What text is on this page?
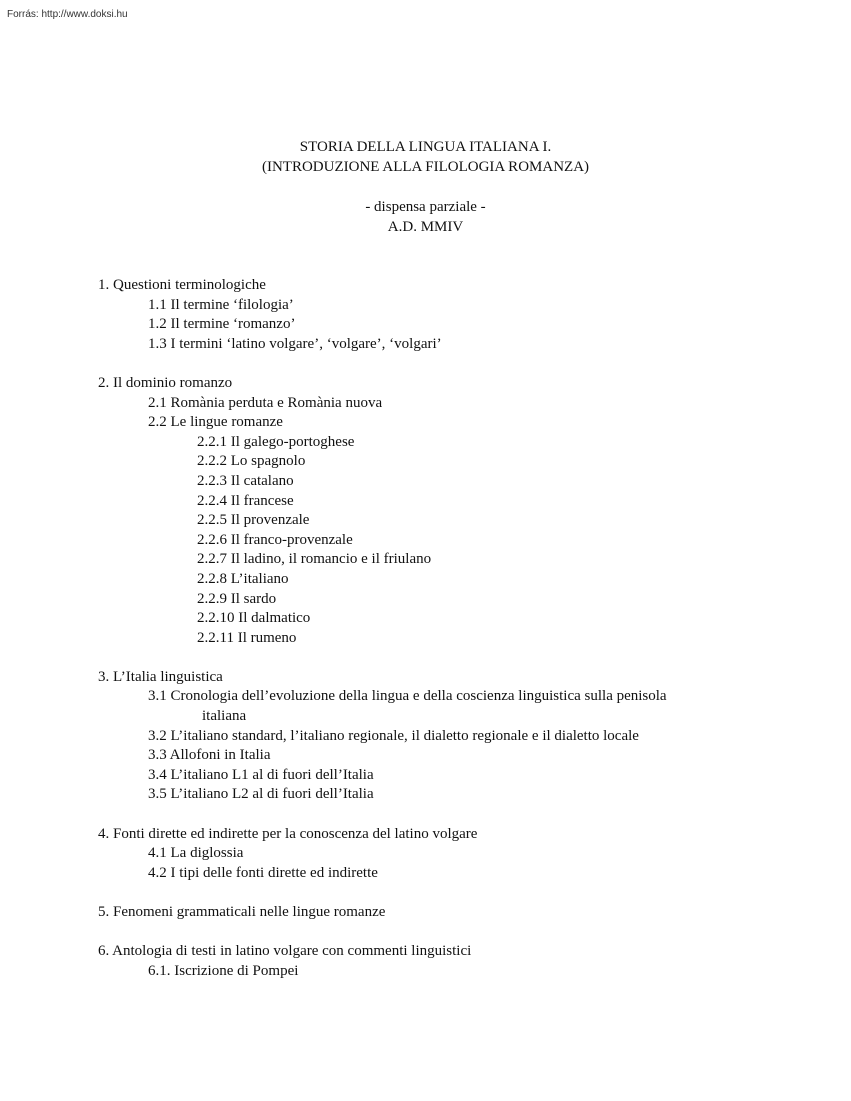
Forrás: http://www.doksi.hu
STORIA DELLA LINGUA ITALIANA I.
(INTRODUZIONE ALLA FILOLOGIA ROMANZA)
- dispensa parziale -
A.D. MMIV
1. Questioni terminologiche
1.1 Il termine ‘filologia’
1.2 Il termine ‘romanzo’
1.3 I termini ‘latino volgare’, ‘volgare’, ‘volgari’
2. Il dominio romanzo
2.1 Romània perduta e Romània nuova
2.2 Le lingue romanze
2.2.1 Il galego-portoghese
2.2.2 Lo spagnolo
2.2.3 Il catalano
2.2.4 Il francese
2.2.5 Il provenzale
2.2.6 Il franco-provenzale
2.2.7 Il ladino, il romancio e il friulano
2.2.8 L’italiano
2.2.9 Il sardo
2.2.10 Il dalmatico
2.2.11 Il rumeno
3. L’Italia linguistica
3.1 Cronologia dell’evoluzione della lingua e della coscienza linguistica sulla penisola
italiana
3.2 L’italiano standard, l’italiano regionale, il dialetto regionale e il dialetto locale
3.3 Allofoni in Italia
3.4 L’italiano L1 al di fuori dell’Italia
3.5 L’italiano L2 al di fuori dell’Italia
4. Fonti dirette ed indirette per la conoscenza del latino volgare
4.1 La diglossia
4.2 I tipi delle fonti dirette ed indirette
5. Fenomeni grammaticali nelle lingue romanze
6. Antologia di testi in latino volgare con commenti linguistici
6.1. Iscrizione di Pompei
